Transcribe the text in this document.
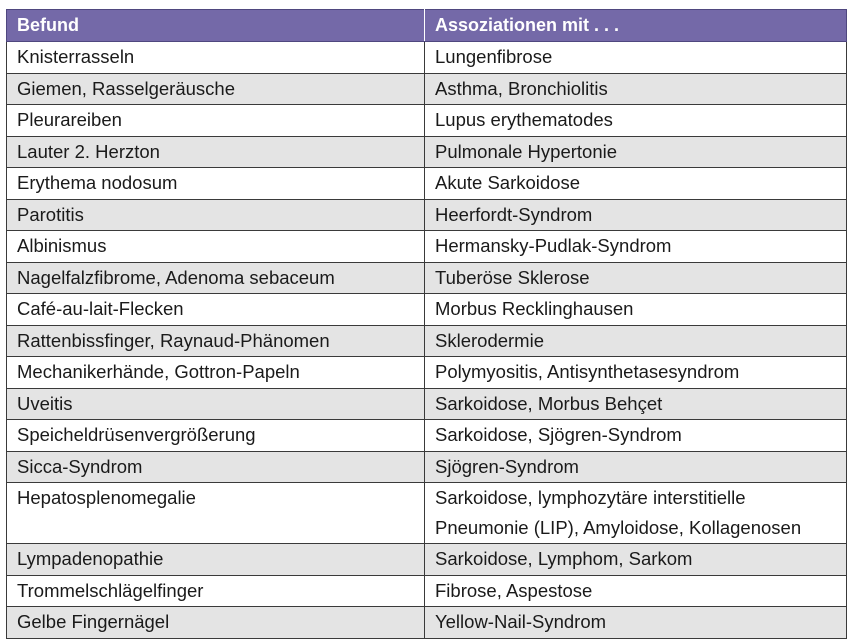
Befund	Assoziationen mit . . .
Knisterrasseln	Lungenfibrose
Giemen, Rasselgeräusche	Asthma, Bronchiolitis
Pleurareiben	Lupus erythematodes
Lauter 2. Herzton	Pulmonale Hypertonie
Erythema nodosum	Akute Sarkoidose
Parotitis	Heerfordt-Syndrom
Albinismus	Hermansky-Pudlak-Syndrom
Nagelfalzfibrome, Adenoma sebaceum	Tuberöse Sklerose
Café-au-lait-Flecken	Morbus Recklinghausen
Rattenbissfinger, Raynaud-Phänomen	Sklerodermie
Mechanikerhände, Gottron-Papeln	Polymyositis, Antisynthetasesyndrom
Uveitis	Sarkoidose, Morbus Behçet
Speicheldrüsenvergrößerung	Sarkoidose, Sjögren-Syndrom
Sicca-Syndrom	Sjögren-Syndrom
Hepatosplenomegalie	Sarkoidose, lymphozytäre interstitielle
Pneumonie (LIP), Amyloidose, Kollagenosen

Lympadenopathie	Sarkoidose, Lymphom, Sarkom
Trommelschlägelfinger	Fibrose, Aspestose
Gelbe Fingernägel	Yellow-Nail-Syndrom
